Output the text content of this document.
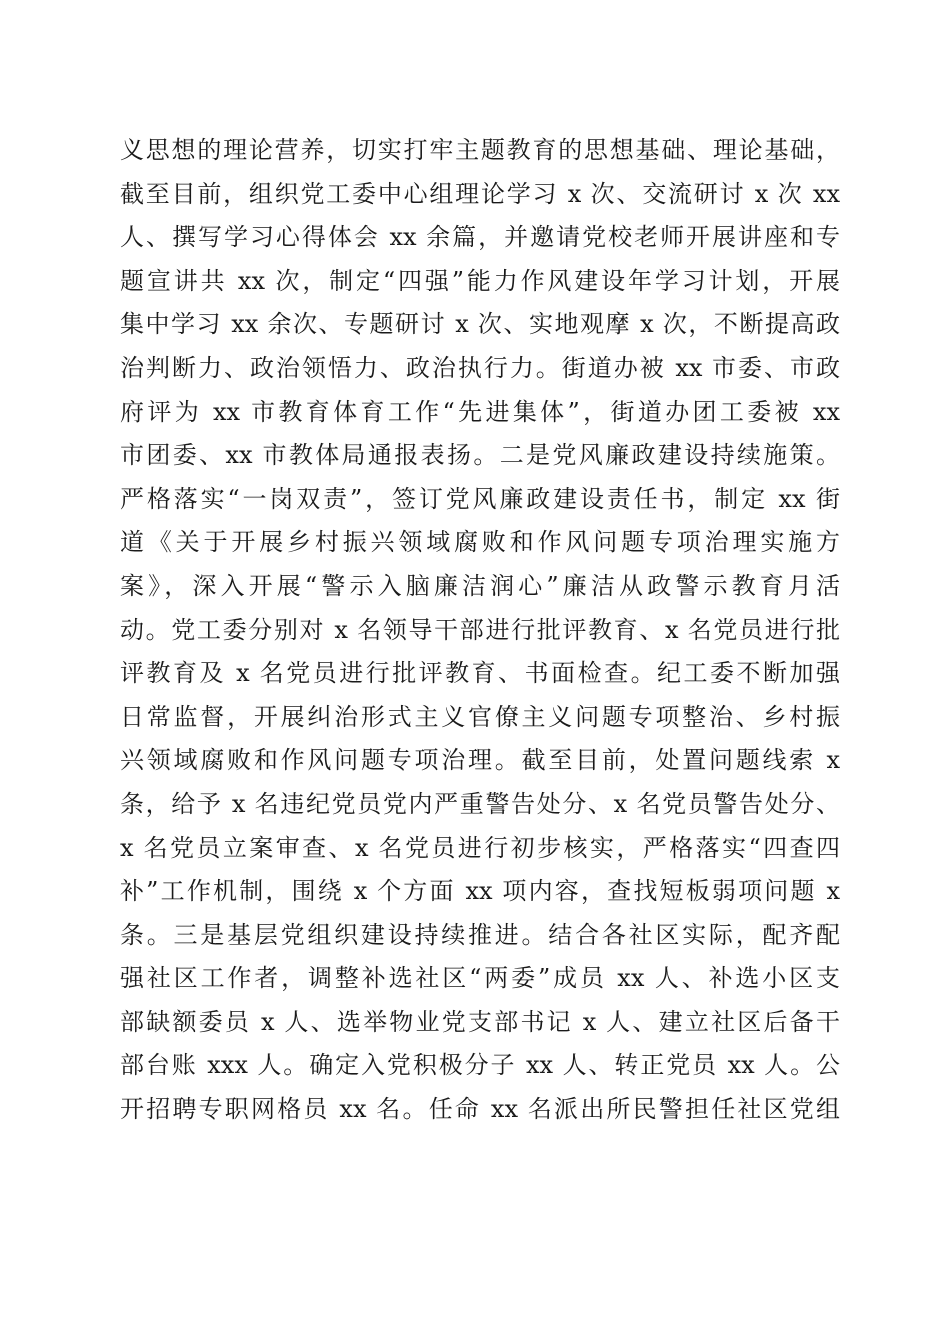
义思想的理论营养，切实打牢主题教育的思想基础、理论基础，
截至目前，组织党工委中心组理论学习 x 次、交流研讨 x 次 xx
人、撰写学习心得体会 xx 余篇，并邀请党校老师开展讲座和专
题宣讲共 xx 次，制定“四强”能力作风建设年学习计划，开展
集中学习 xx 余次、专题研讨 x 次、实地观摩 x 次，不断提高政
治判断力、政治领悟力、政治执行力。街道办被 xx 市委、市政
府评为 xx 市教育体育工作“先进集体”，街道办团工委被 xx
市团委、xx 市教体局通报表扬。二是党风廉政建设持续施策。
严格落实“一岗双责”，签订党风廉政建设责任书，制定 xx 街
道《关于开展乡村振兴领域腐败和作风问题专项治理实施方
案》，深入开展“警示入脑廉洁润心”廉洁从政警示教育月活
动。党工委分别对 x 名领导干部进行批评教育、x 名党员进行批
评教育及 x 名党员进行批评教育、书面检查。纪工委不断加强
日常监督，开展纠治形式主义官僚主义问题专项整治、乡村振
兴领域腐败和作风问题专项治理。截至目前，处置问题线索 x
条，给予 x 名违纪党员党内严重警告处分、x 名党员警告处分、
x 名党员立案审查、x 名党员进行初步核实，严格落实“四查四
补”工作机制，围绕 x 个方面 xx 项内容，查找短板弱项问题 x
条。三是基层党组织建设持续推进。结合各社区实际，配齐配
强社区工作者，调整补选社区“两委”成员 xx 人、补选小区支
部缺额委员 x 人、选举物业党支部书记 x 人、建立社区后备干
部台账 xxx 人。确定入党积极分子 xx 人、转正党员 xx 人。公
开招聘专职网格员 xx 名。任命 xx 名派出所民警担任社区党组
